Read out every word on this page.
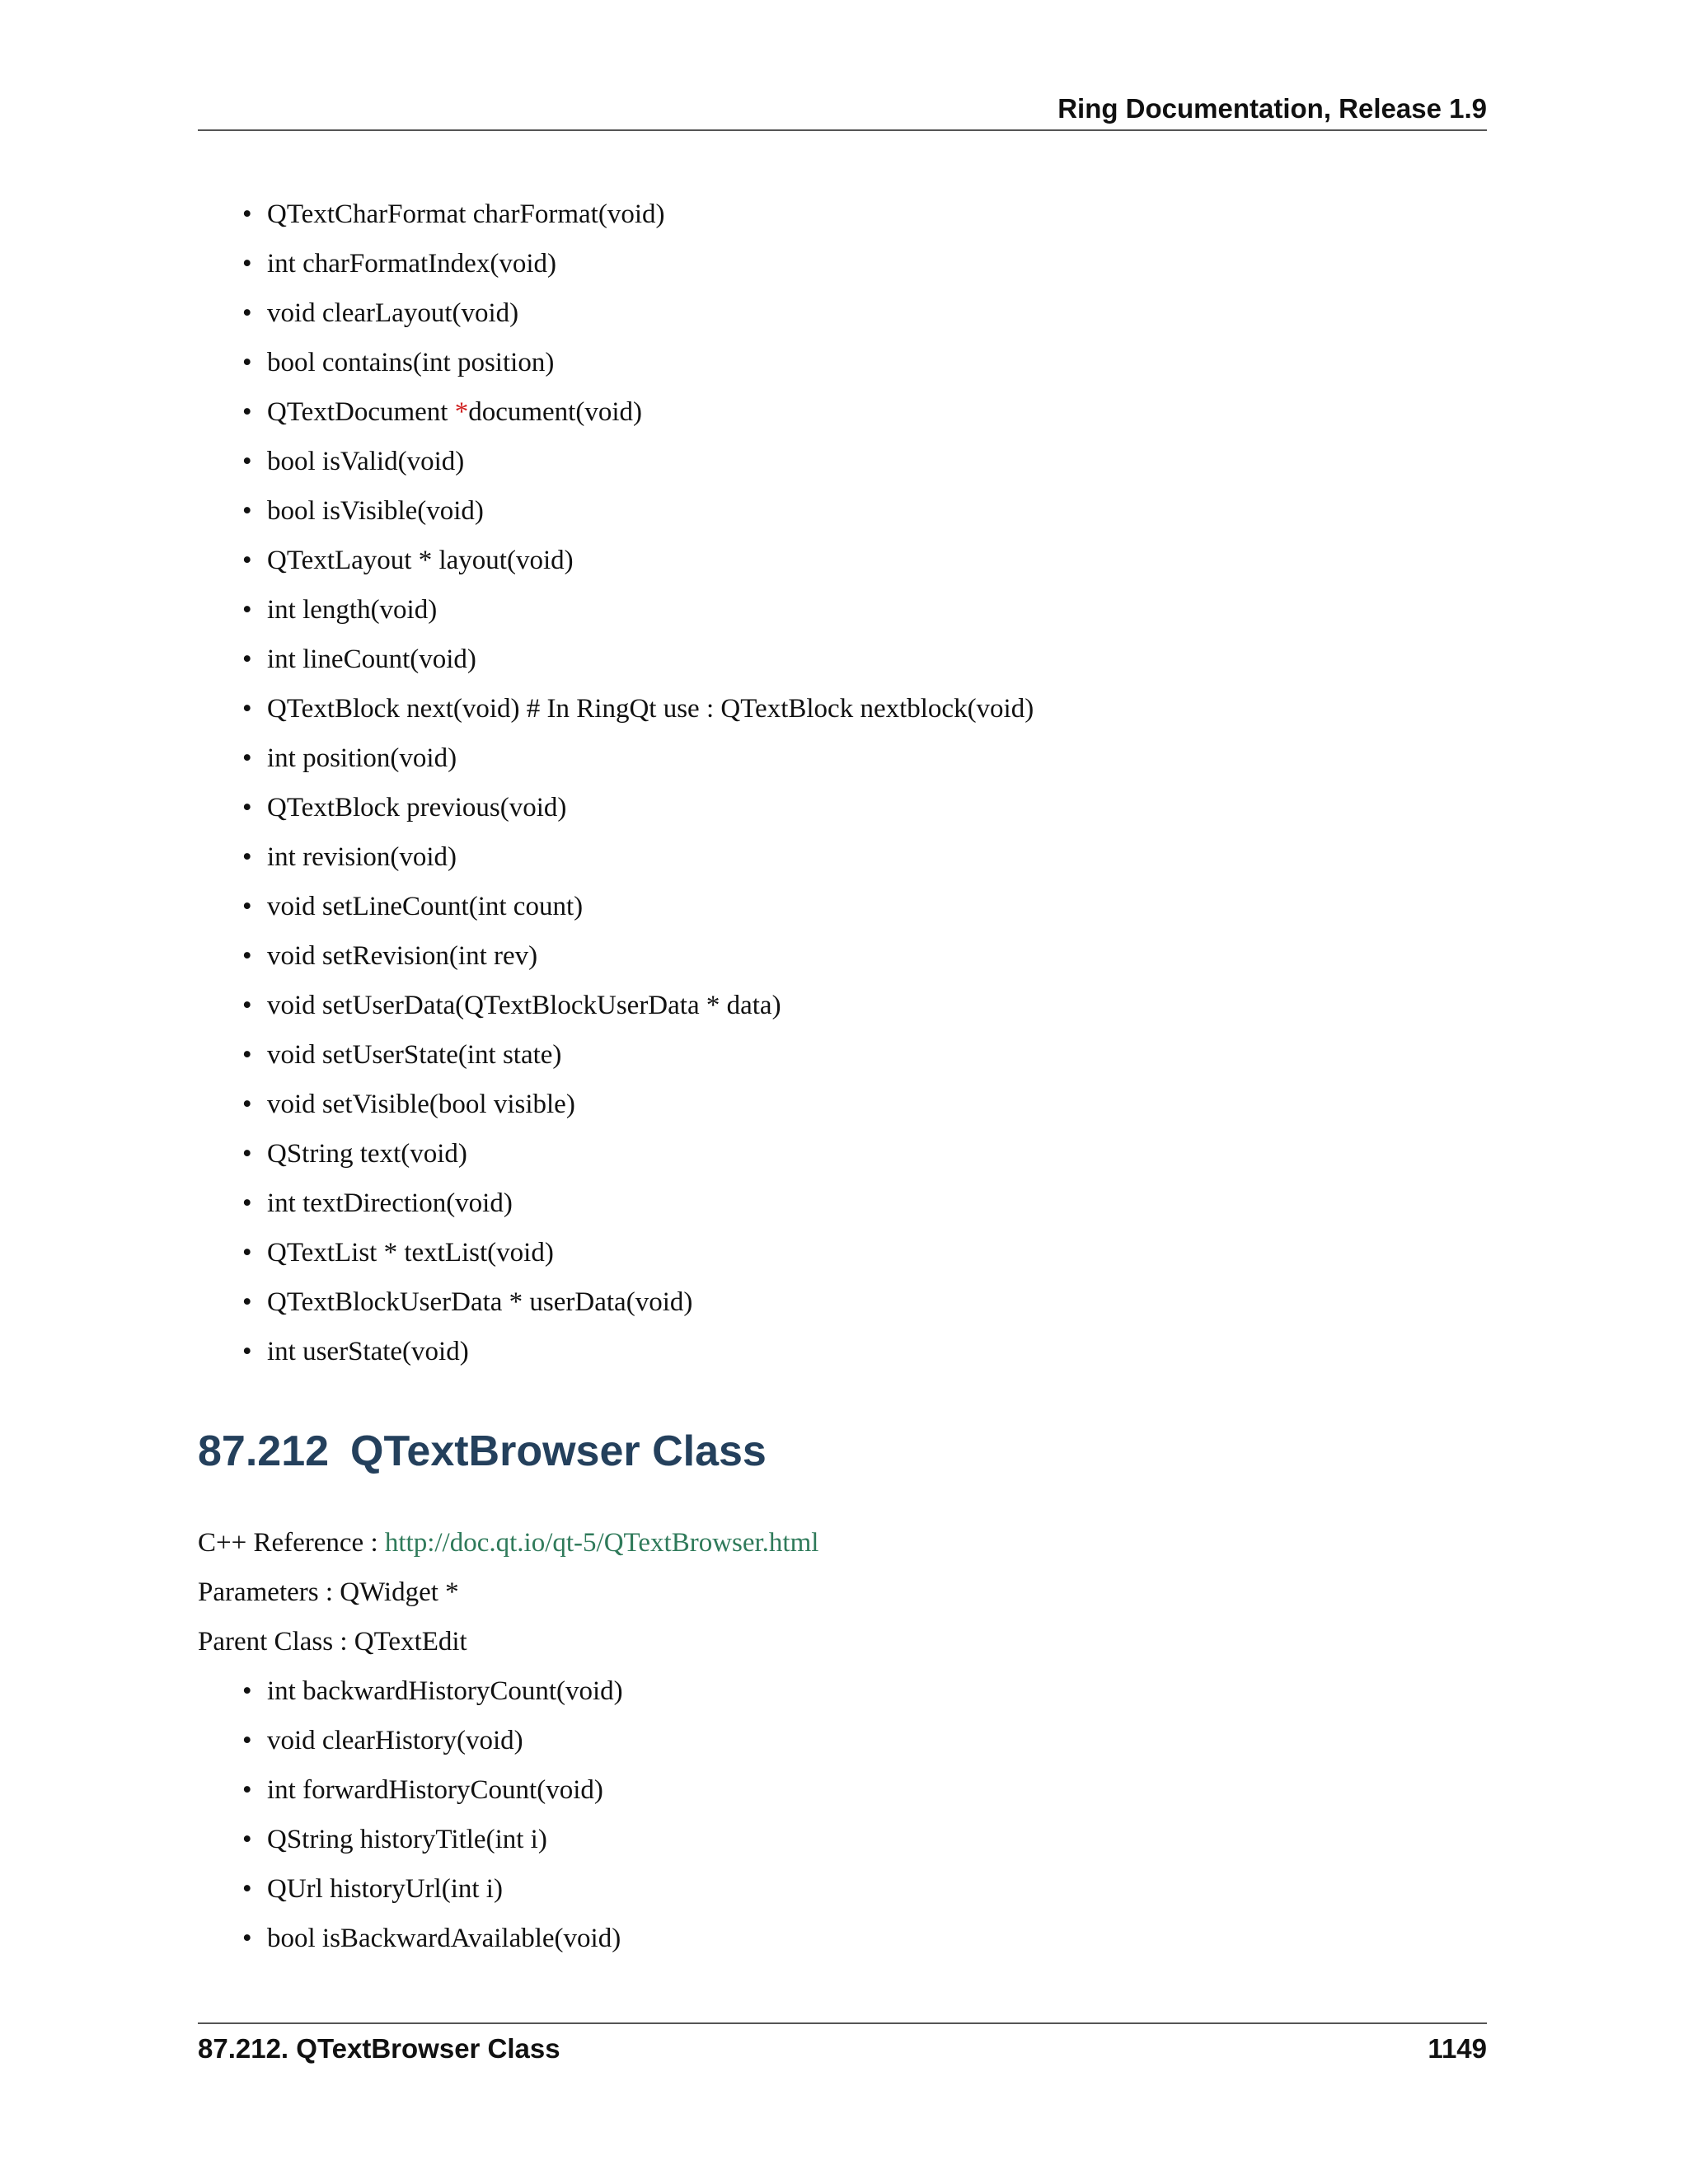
Ring Documentation, Release 1.9
• QTextCharFormat charFormat(void)
• int charFormatIndex(void)
• void clearLayout(void)
• bool contains(int position)
• QTextDocument *document(void)
• bool isValid(void)
• bool isVisible(void)
• QTextLayout * layout(void)
• int length(void)
• int lineCount(void)
• QTextBlock next(void) # In RingQt use : QTextBlock nextblock(void)
• int position(void)
• QTextBlock previous(void)
• int revision(void)
• void setLineCount(int count)
• void setRevision(int rev)
• void setUserData(QTextBlockUserData * data)
• void setUserState(int state)
• void setVisible(bool visible)
• QString text(void)
• int textDirection(void)
• QTextList * textList(void)
• QTextBlockUserData * userData(void)
• int userState(void)
87.212 QTextBrowser Class
C++ Reference : http://doc.qt.io/qt-5/QTextBrowser.html
Parameters : QWidget *
Parent Class : QTextEdit
• int backwardHistoryCount(void)
• void clearHistory(void)
• int forwardHistoryCount(void)
• QString historyTitle(int i)
• QUrl historyUrl(int i)
• bool isBackwardAvailable(void)
87.212. QTextBrowser Class	1149
